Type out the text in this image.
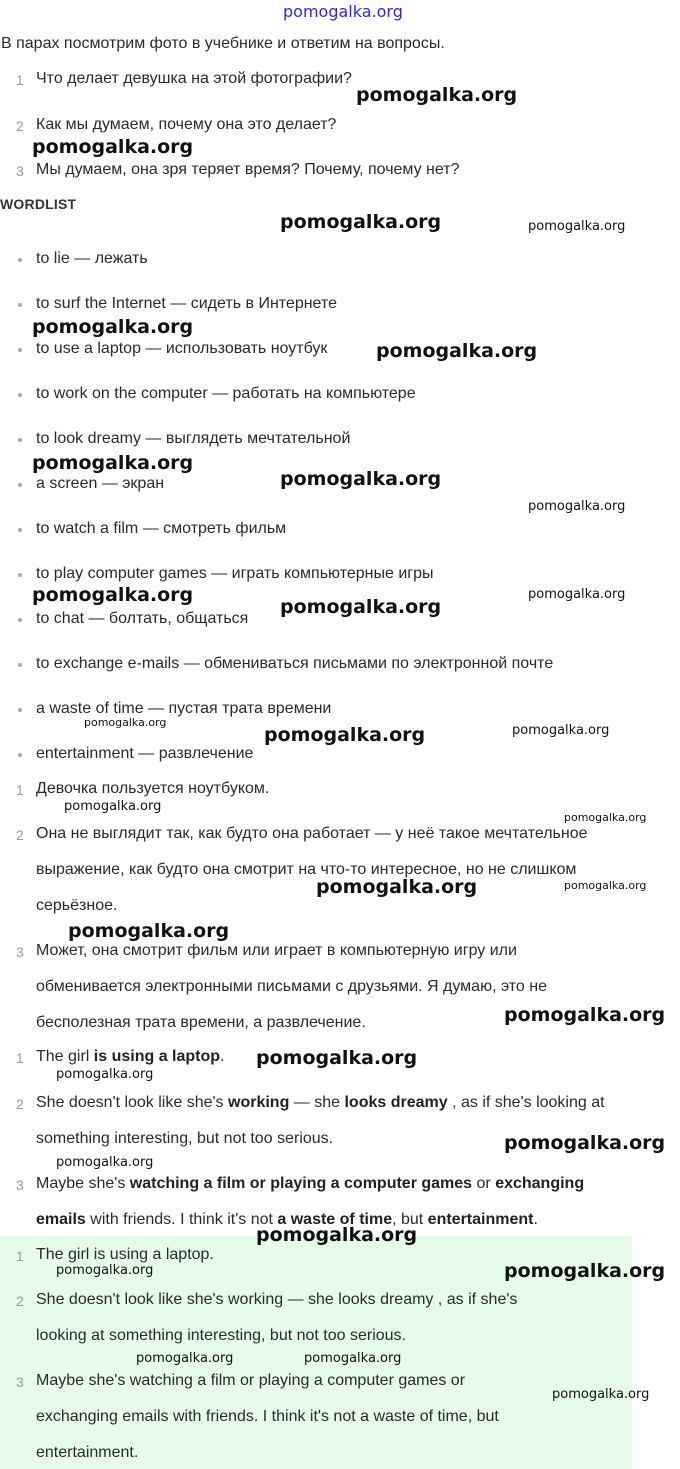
pomogalka.org
В парах посмотрим фото в учебнике и ответим на вопросы.
1 Что делает девушка на этой фотографии?
2 Как мы думаем, почему она это делает?
3 Мы думаем, она зря теряет время? Почему, почему нет?
WORDLIST
to lie — лежать
to surf the Internet — сидеть в Интернете
to use a laptop — использовать ноутбук
to work on the computer — работать на компьютере
to look dreamy — выглядеть мечтательной
a screen — экран
to watch a film — смотреть фильм
to play computer games — играть компьютерные игры
to chat — болтать, общаться
to exchange e-mails — обмениваться письмами по электронной почте
a waste of time — пустая трата времени
entertainment — развлечение
1 Девочка пользуется ноутбуком.
2 Она не выглядит так, как будто она работает — у неё такое мечтательное
выражение, как будто она смотрит на что-то интересное, но не слишком
серьёзное.
3 Может, она смотрит фильм или играет в компьютерную игру или
обменивается электронными письмами с друзьями. Я думаю, это не
бесполезная трата времени, а развлечение.
1 The girl is using a laptop.
2 She doesn't look like she's working — she looks dreamy , as if she's looking at
something interesting, but not too serious.
3 Maybe she's watching a film or playing a computer games or exchanging
emails with friends. I think it's not a waste of time, but entertainment.
1 The girl is using a laptop.
2 She doesn't look like she's working — she looks dreamy , as if she's
looking at something interesting, but not too serious.
3 Maybe she's watching a film or playing a computer games or
exchanging emails with friends. I think it's not a waste of time, but
entertainment.
pomogalka.org
pomogalka.org
pomogalka.org	pomogalka.org
pomogalka.org
pomogalka.org
pomogalka.org
pomogalka.org
pomogalka.org
pomogalka.org	pomogalka.org
pomogalka.org
pomogalka.org
pomogalka.org	pomogalka.org
pomogalka.org
pomogalka.org
pomogalka.org	pomogalka.org
pomogalka.org
pomogalka.org
pomogalka.org
pomogalka.org
pomogalka.org
pomogalka.org
pomogalka.org
pomogalka.org	pomogalka.org
pomogalka.org	pomogalka.org
pomogalka.org
